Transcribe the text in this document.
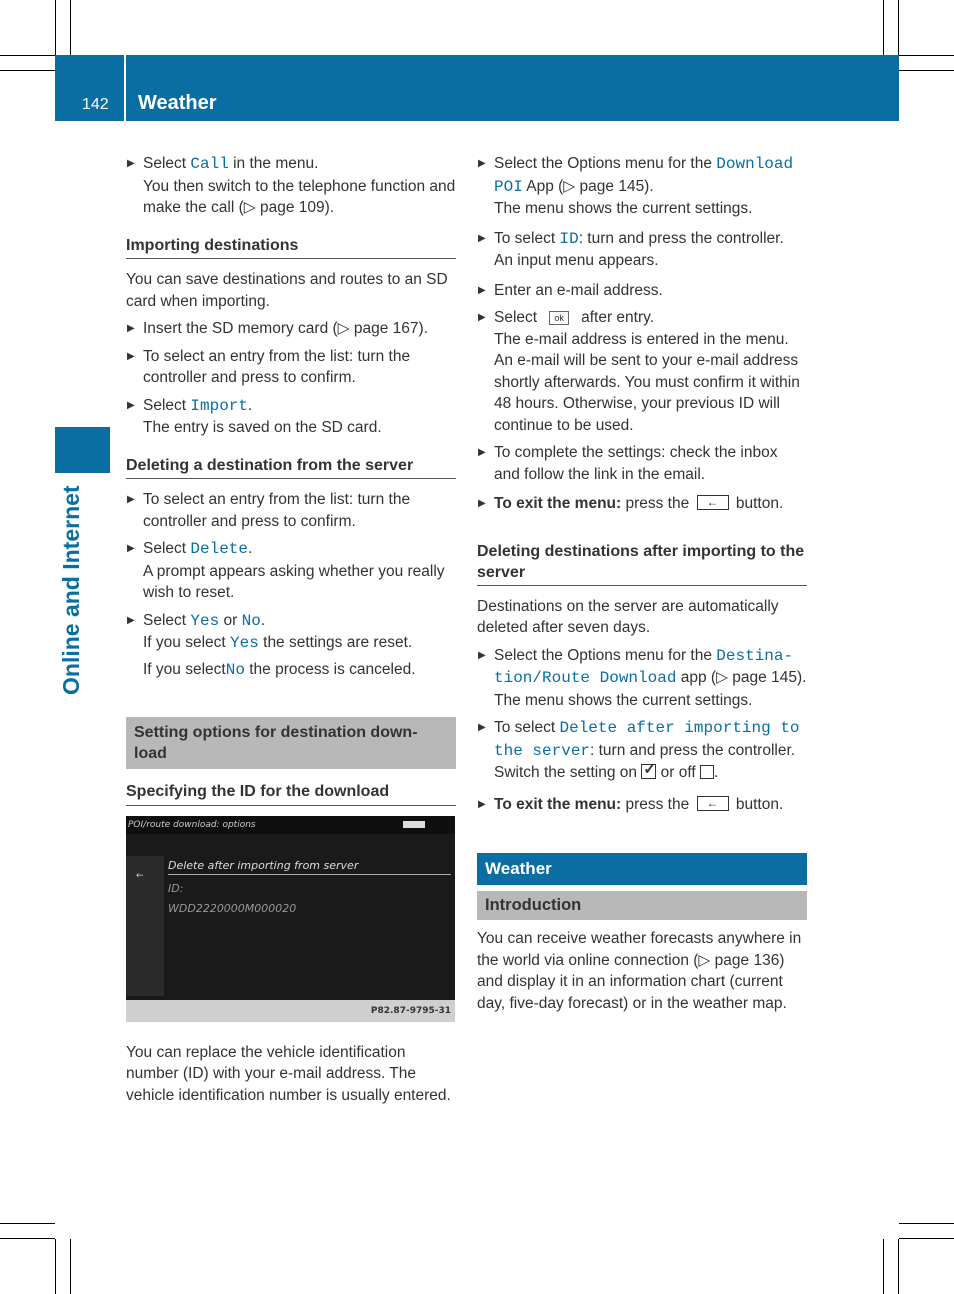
142 Weather
Online and Internet
▶ Select Call in the menu.
You then switch to the telephone function and make the call (▷ page 109).
Importing destinations

You can save destinations and routes to an SD card when importing.

▶ Insert the SD memory card (▷ page 167).
▶ To select an entry from the list: turn the controller and press to confirm.
▶ Select Import.
The entry is saved on the SD card.
Deleting a destination from the server
▶ To select an entry from the list: turn the controller and press to confirm.
▶ Select Delete.
A prompt appears asking whether you really wish to reset.
▶ Select Yes or No.
If you select Yes the settings are reset.
If you selectNo the process is canceled.
Setting options for destination down-load
Specifying the ID for the download
POI/route download: options
←
Delete after importing from server
ID:
WDD2220000M000020
P82.87-9795-31

You can replace the vehicle identification number (ID) with your e-mail address. The vehicle identification number is usually entered.

▶ Select the Options menu for the Download POI App (▷ page 145).
The menu shows the current settings.
▶ To select ID: turn and press the controller.
An input menu appears.
▶ Enter an e-mail address.
▶ Select ok after entry.
The e-mail address is entered in the menu. An e-mail will be sent to your e-mail address shortly afterwards. You must confirm it within 48 hours. Otherwise, your previous ID will continue to be used.
▶ To complete the settings: check the inbox and follow the link in the email.
▶ To exit the menu: press the ← button.
Deleting destinations after importing to the server

Destinations on the server are automatically deleted after seven days.

▶ Select the Options menu for the Destina-tion/Route Download app (▷ page 145).
The menu shows the current settings.
▶ To select Delete after importing to the server: turn and press the controller.
Switch the setting on ✓ or off .
▶ To exit the menu: press the ← button.
Weather
Introduction

You can receive weather forecasts anywhere in the world via online connection (▷ page 136) and display it in an information chart (current day, five-day forecast) or in the weather map.
